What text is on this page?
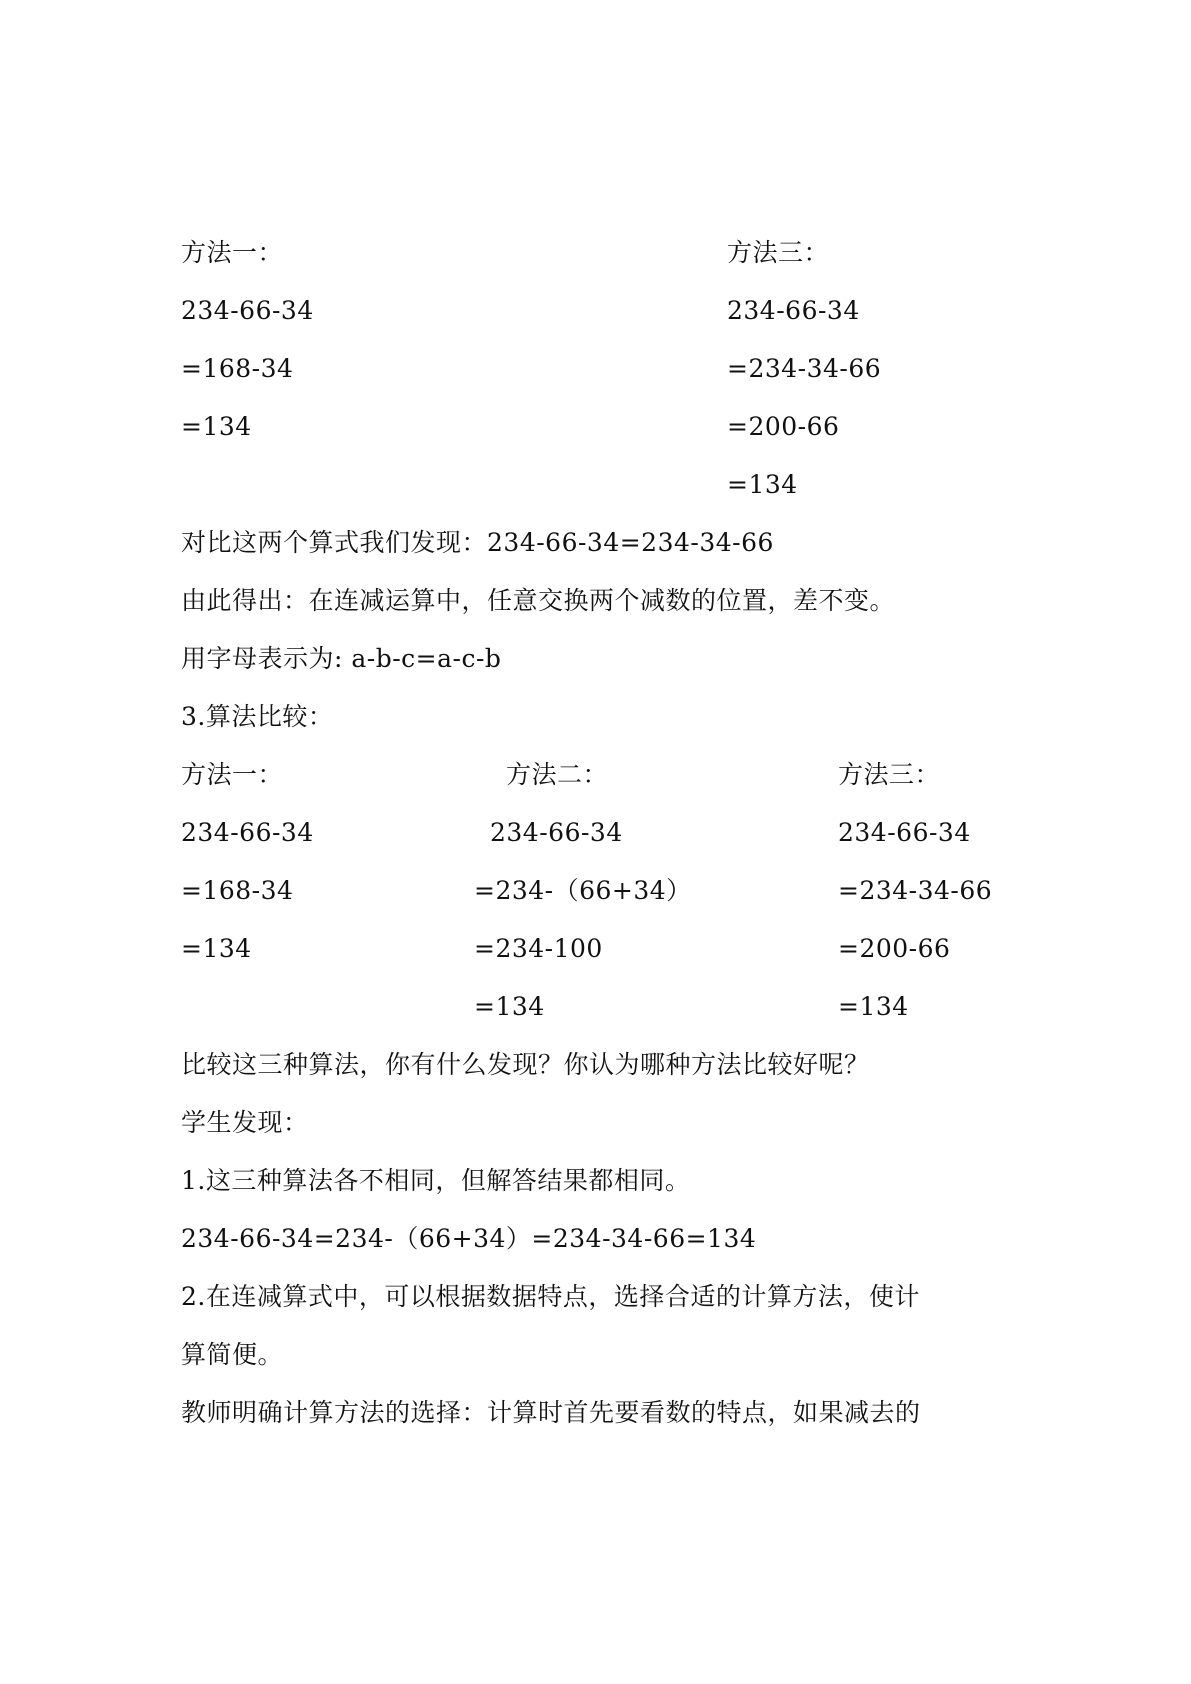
方法一：
234-66-34
=168-34
=134
方法三：
234-66-34
=234-34-66
=200-66
=134
对比这两个算式我们发现：234-66-34=234-34-66
由此得出：在连减运算中，任意交换两个减数的位置，差不变。
用字母表示为: a-b-c=a-c-b
3.算法比较：
方法一：
234-66-34
=168-34
=134
方法二：
234-66-34
=234-（66+34）
=234-100
=134
方法三：
234-66-34
=234-34-66
=200-66
=134
比较这三种算法，你有什么发现？你认为哪种方法比较好呢？
学生发现：
1.这三种算法各不相同，但解答结果都相同。
234-66-34=234-（66+34）=234-34-66=134
2.在连减算式中，可以根据数据特点，选择合适的计算方法，使计
算简便。
教师明确计算方法的选择：计算时首先要看数的特点，如果减去的
